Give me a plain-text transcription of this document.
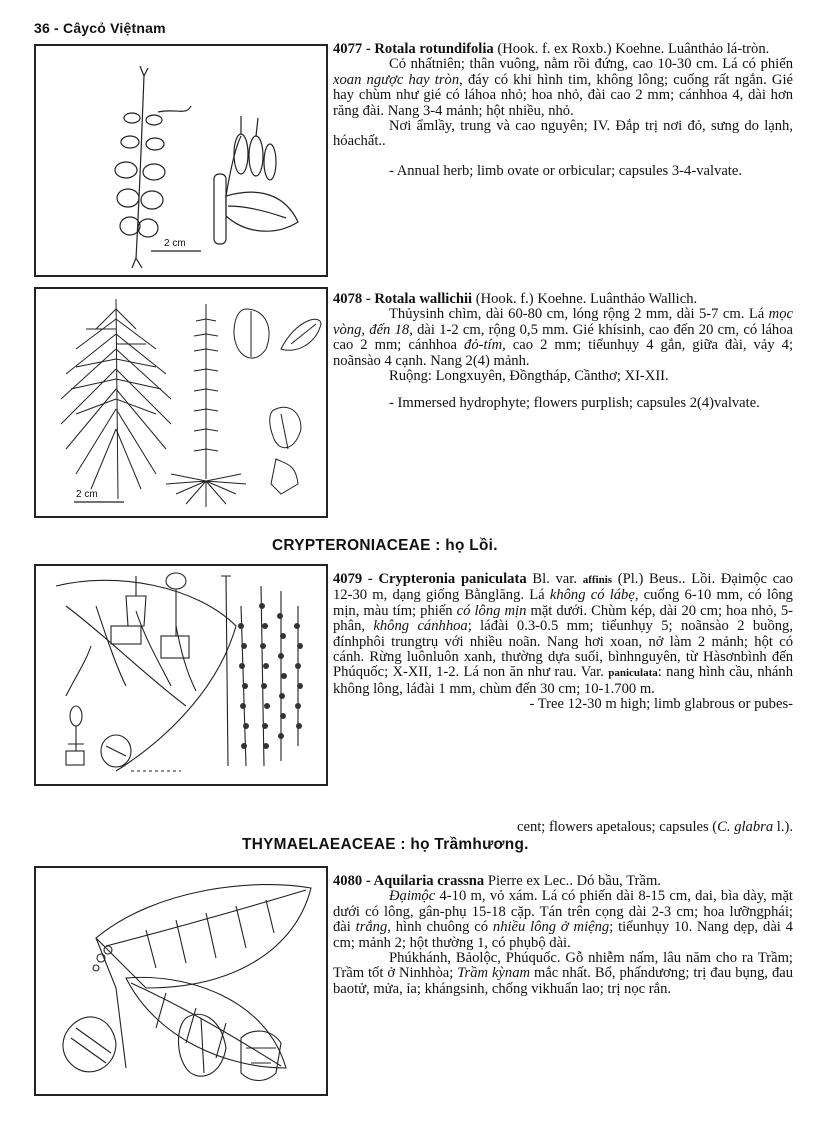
36 - Câycỏ Việtnam
2 cm

4077 - Rotala rotundifolia (Hook. f. ex Roxb.) Koehne. Luânthảo lá-tròn.

Cỏ nhấtniên; thân vuông, nằm rồi đứng, cao 10-30 cm. Lá có phiến xoan ngược hay tròn, đáy có khi hình tim, không lông; cuống rất ngắn. Gié hay chùm như gié có láhoa nhỏ; hoa nhỏ, đài cao 2 mm; cánhhoa 4, dài hơn răng đài. Nang 3-4 mảnh; hột nhiều, nhỏ.

Nơi ẩmlầy, trung và cao nguyên; IV. Đắp trị nơi đỏ, sưng do lạnh, hóachất..

- Annual herb; limb ovate or orbicular; capsules 3-4-valvate.

2 cm

4078 - Rotala wallichii (Hook. f.) Koehne. Luânthảo Wallich.

Thủysinh chìm, dài 60-80 cm, lóng rộng 2 mm, dài 5-7 cm. Lá mọc vòng, đến 18, dài 1-2 cm, rộng 0,5 mm. Gié khísinh, cao đến 20 cm, có láhoa cao 2 mm; cánhhoa đỏ-tím, cao 2 mm; tiểunhụy 4 gắn, giữa đài, vảy 4; noãnsào 4 cạnh. Nang 2(4) mảnh.

Ruộng: Longxuyên, Đồngtháp, Cầnthơ; XI-XII.

- Immersed hydrophyte; flowers purplish; capsules 2(4)valvate.

CRYPTERONIACEAE : họ Lồi.

4079 - Crypteronia paniculata Bl. var. affinis (Pl.) Beus.. Lồi. Đạimộc cao 12-30 m, dạng giống Bằnglăng. Lá không có lábẹ, cuống 6-10 mm, có lông mịn, màu tím; phiến có lông mịn mặt dưới. Chùm kép, dài 20 cm; hoa nhỏ, 5-phân, không cánhhoa; láđài 0.3-0.5 mm; tiểunhụy 5; noãnsào 2 buồng, đínhphôi trungtrụ với nhiều noãn. Nang hơi xoan, nở làm 2 mảnh; hột có cánh. Rừng luônluôn xanh, thường dựa suối, bìnhnguyên, từ Hàsơnbình đến Phúquốc; X-XII, 1-2. Lá non ăn như rau. Var. paniculata: nang hình cầu, nhánh không lông, láđài 1 mm, chùm đến 30 cm; 10-1.700 m.

- Tree 12-30 m high; limb glabrous or pubes-

cent; flowers apetalous; capsules (C. glabra l.).

THYMAELAEACEAE : họ Trầmhương.

4080 - Aquilaria crassna Pierre ex Lec.. Dó bầu, Trầm.

Đạimộc 4-10 m, vỏ xám. Lá có phiến dài 8-15 cm, dai, bìa dày, mặt dưới có lông, gân-phụ 15-18 cặp. Tán trên cọng dài 2-3 cm; hoa lưỡngphái; đài trắng, hình chuông có nhiều lông ở miệng; tiểunhụy 10. Nang dẹp, dài 4 cm; mảnh 2; hột thường 1, có phụbộ dài.

Phúkhánh, Bảolộc, Phúquốc. Gỗ nhiễm nấm, lâu năm cho ra Trầm; Trầm tốt ở Ninhhòa; Trầm kỳnam mắc nhất. Bổ, phấndương; trị đau bụng, đau baotử, mửa, ỉa; khángsinh, chống vikhuẩn lao; trị nọc rắn.
